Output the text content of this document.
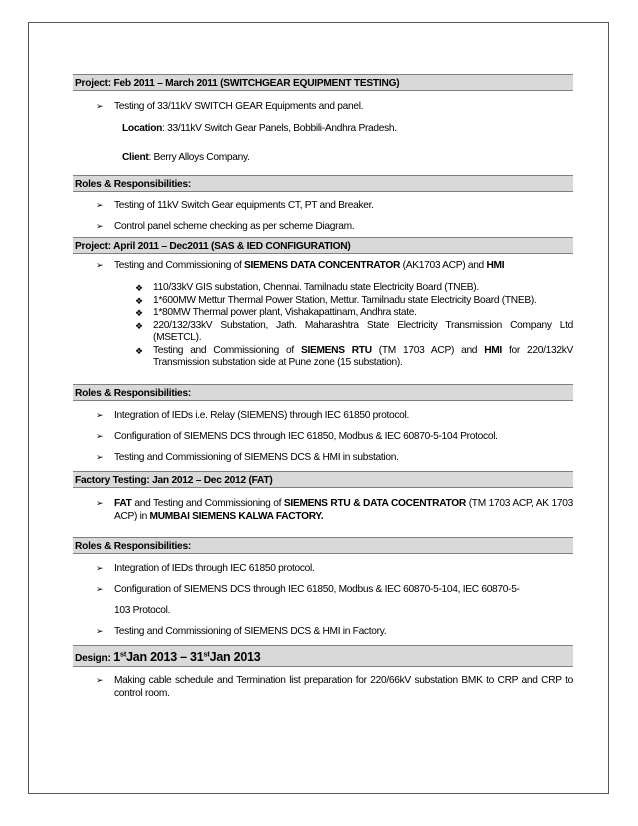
Project: Feb 2011 – March 2011 (SWITCHGEAR EQUIPMENT TESTING)
➢ Testing of 33/11kV SWITCH GEAR Equipments and panel.
Location: 33/11kV Switch Gear Panels, Bobbili-Andhra Pradesh.
Client: Berry Alloys Company.
Roles & Responsibilities:
➢ Testing of 11kV Switch Gear equipments CT, PT and Breaker.
➢ Control panel scheme checking as per scheme Diagram.
Project: April 2011 – Dec2011 (SAS & IED CONFIGURATION)
➢ Testing and Commissioning of SIEMENS DATA CONCENTRATOR (AK1703 ACP) and HMI
❖ 110/33kV GIS substation, Chennai. Tamilnadu state Electricity Board (TNEB).
❖ 1*600MW Mettur Thermal Power Station, Mettur. Tamilnadu state Electricity Board (TNEB).
❖ 1*80MW Thermal power plant, Vishakapattinam, Andhra state.
❖ 220/132/33kV Substation, Jath. Maharashtra State Electricity Transmission Company Ltd (MSETCL).
❖ Testing and Commissioning of SIEMENS RTU (TM 1703 ACP) and HMI for 220/132kV Transmission substation side at Pune zone (15 substation).
Roles & Responsibilities:
➢ Integration of IEDs i.e. Relay (SIEMENS) through IEC 61850 protocol.
➢ Configuration of SIEMENS DCS through IEC 61850, Modbus & IEC 60870-5-104 Protocol.
➢ Testing and Commissioning of SIEMENS DCS & HMI in substation.
Factory Testing: Jan 2012 – Dec 2012 (FAT)
➢ FAT and Testing and Commissioning of SIEMENS RTU & DATA COCENTRATOR (TM 1703 ACP, AK 1703 ACP) in MUMBAI SIEMENS KALWA FACTORY.
Roles & Responsibilities:
➢ Integration of IEDs through IEC 61850 protocol.
➢ Configuration of SIEMENS DCS through IEC 61850, Modbus & IEC 60870-5-104, IEC 60870-5-
103 Protocol.
➢ Testing and Commissioning of SIEMENS DCS & HMI in Factory.
Design: 1stJan 2013 – 31stJan 2013
➢ Making cable schedule and Termination list preparation for 220/66kV substation BMK to CRP and CRP to control room.
